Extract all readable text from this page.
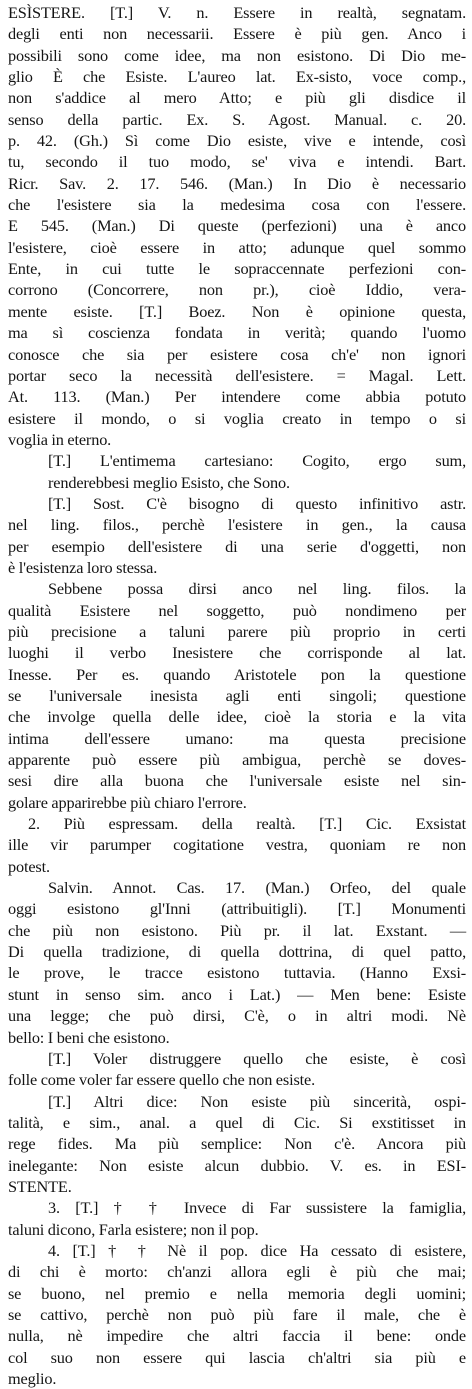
ESÌSTERE. [T.] V. n. Essere in realtà, segnatam.
degli enti non necessarii. Essere è più gen. Anco i
possibili sono come idee, ma non esistono. Di Dio me-
glio È che Esiste. L'aureo lat. Ex-sisto, voce comp.,
non s'addice al mero Atto; e più gli disdice il
senso della partic. Ex. S. Agost. Manual. c. 20.
p. 42. (Gh.) Sì come Dio esiste, vive e intende, così
tu, secondo il tuo modo, se' viva e intendi. Bart.
Ricr. Sav. 2. 17. 546. (Man.) In Dio è necessario
che l'esistere sia la medesima cosa con l'essere.
E 545. (Man.) Di queste (perfezioni) una è anco
l'esistere, cioè essere in atto; adunque quel sommo
Ente, in cui tutte le sopraccennate perfezioni con-
corrono (Concorrere, non pr.), cioè Iddio, vera-
mente esiste. [T.] Boez. Non è opinione questa,
ma sì coscienza fondata in verità; quando l'uomo
conosce che sia per esistere cosa ch'e' non ignori
portar seco la necessità dell'esistere. = Magal. Lett.
At. 113. (Man.) Per intendere come abbia potuto
esistere il mondo, o si voglia creato in tempo o si
voglia in eterno.
[T.] L'entimema cartesiano: Cogito, ergo sum,
renderebbesi meglio Esisto, che Sono.
[T.] Sost. C'è bisogno di questo infinitivo astr.
nel ling. filos., perchè l'esistere in gen., la causa
per esempio dell'esistere di una serie d'oggetti, non
è l'esistenza loro stessa.
Sebbene possa dirsi anco nel ling. filos. la
qualità Esistere nel soggetto, può nondimeno per
più precisione a taluni parere più proprio in certi
luoghi il verbo Inesistere che corrisponde al lat.
Inesse. Per es. quando Aristotele pon la questione
se l'universale inesista agli enti singoli; questione
che involge quella delle idee, cioè la storia e la vita
intima dell'essere umano: ma questa precisione
apparente può essere più ambigua, perchè se doves-
sesi dire alla buona che l'universale esiste nel sin-
golare apparirebbe più chiaro l'errore.
2. Più espressam. della realtà. [T.] Cic. Exsistat
ille vir parumper cogitatione vestra, quoniam re non
potest.
Salvin. Annot. Cas. 17. (Man.) Orfeo, del quale
oggi esistono gl'Inni (attribuitigli). [T.] Monumenti
che più non esistono. Più pr. il lat. Exstant. —
Di quella tradizione, di quella dottrina, di quel patto,
le prove, le tracce esistono tuttavia. (Hanno Exsi-
stunt in senso sim. anco i Lat.) — Men bene: Esiste
una legge; che può dirsi, C'è, o in altri modi. Nè
bello: I beni che esistono.
[T.] Voler distruggere quello che esiste, è così
folle come voler far essere quello che non esiste.
[T.] Altri dice: Non esiste più sincerità, ospi-
talità, e sim., anal. a quel di Cic. Si exstitisset in
rege fides. Ma più semplice: Non c'è. Ancora più
inelegante: Non esiste alcun dubbio. V. es. in ESI-
STENTE.
3. [T.] † † Invece di Far sussistere la famiglia,
taluni dicono, Farla esistere; non il pop.
4. [T.] † † Nè il pop. dice Ha cessato di esistere,
di chi è morto: ch'anzi allora egli è più che mai;
se buono, nel premio e nella memoria degli uomini;
se cattivo, perchè non può più fare il male, che è
nulla, nè impedire che altri faccia il bene: onde
col suo non essere qui lascia ch'altri sia più e
meglio.
